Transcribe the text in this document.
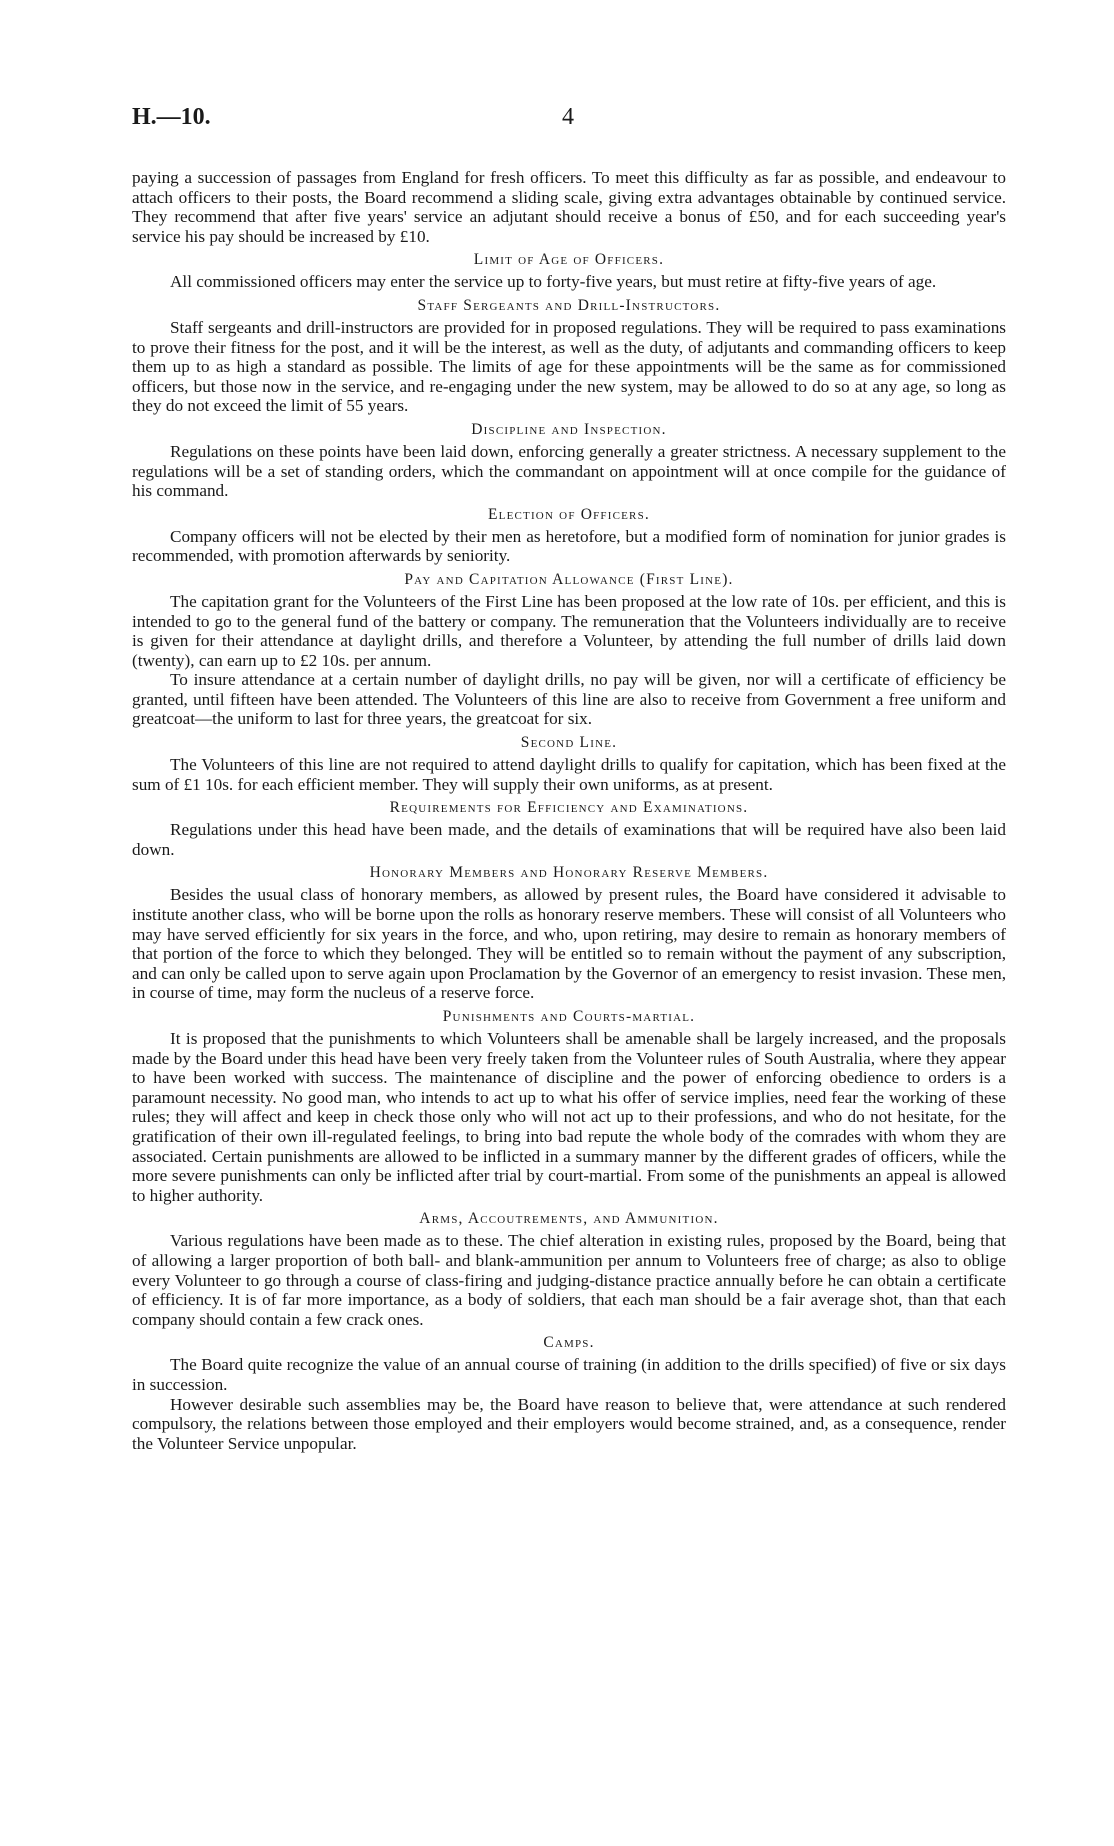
H.—10.	4

paying a succession of passages from England for fresh officers. To meet this difficulty as far as possible, and endeavour to attach officers to their posts, the Board recommend a sliding scale, giving extra advantages obtainable by continued service. They recommend that after five years' service an adjutant should receive a bonus of £50, and for each succeeding year's service his pay should be increased by £10.

Limit of Age of Officers.

All commissioned officers may enter the service up to forty-five years, but must retire at fifty-five years of age.

Staff Sergeants and Drill-Instructors.

Staff sergeants and drill-instructors are provided for in proposed regulations. They will be required to pass examinations to prove their fitness for the post, and it will be the interest, as well as the duty, of adjutants and commanding officers to keep them up to as high a standard as possible. The limits of age for these appointments will be the same as for commissioned officers, but those now in the service, and re-engaging under the new system, may be allowed to do so at any age, so long as they do not exceed the limit of 55 years.

Discipline and Inspection.

Regulations on these points have been laid down, enforcing generally a greater strictness. A necessary supplement to the regulations will be a set of standing orders, which the commandant on appointment will at once compile for the guidance of his command.

Election of Officers.

Company officers will not be elected by their men as heretofore, but a modified form of nomination for junior grades is recommended, with promotion afterwards by seniority.

Pay and Capitation Allowance (First Line).

The capitation grant for the Volunteers of the First Line has been proposed at the low rate of 10s. per efficient, and this is intended to go to the general fund of the battery or company. The remuneration that the Volunteers individually are to receive is given for their attendance at daylight drills, and therefore a Volunteer, by attending the full number of drills laid down (twenty), can earn up to £2 10s. per annum.

To insure attendance at a certain number of daylight drills, no pay will be given, nor will a certificate of efficiency be granted, until fifteen have been attended. The Volunteers of this line are also to receive from Government a free uniform and greatcoat—the uniform to last for three years, the greatcoat for six.

Second Line.

The Volunteers of this line are not required to attend daylight drills to qualify for capitation, which has been fixed at the sum of £1 10s. for each efficient member. They will supply their own uniforms, as at present.

Requirements for Efficiency and Examinations.

Regulations under this head have been made, and the details of examinations that will be required have also been laid down.

Honorary Members and Honorary Reserve Members.

Besides the usual class of honorary members, as allowed by present rules, the Board have considered it advisable to institute another class, who will be borne upon the rolls as honorary reserve members. These will consist of all Volunteers who may have served efficiently for six years in the force, and who, upon retiring, may desire to remain as honorary members of that portion of the force to which they belonged. They will be entitled so to remain without the payment of any subscription, and can only be called upon to serve again upon Proclamation by the Governor of an emergency to resist invasion. These men, in course of time, may form the nucleus of a reserve force.

Punishments and Courts-martial.

It is proposed that the punishments to which Volunteers shall be amenable shall be largely increased, and the proposals made by the Board under this head have been very freely taken from the Volunteer rules of South Australia, where they appear to have been worked with success. The maintenance of discipline and the power of enforcing obedience to orders is a paramount necessity. No good man, who intends to act up to what his offer of service implies, need fear the working of these rules; they will affect and keep in check those only who will not act up to their professions, and who do not hesitate, for the gratification of their own ill-regulated feelings, to bring into bad repute the whole body of the comrades with whom they are associated. Certain punishments are allowed to be inflicted in a summary manner by the different grades of officers, while the more severe punishments can only be inflicted after trial by court-martial. From some of the punishments an appeal is allowed to higher authority.

Arms, Accoutrements, and Ammunition.

Various regulations have been made as to these. The chief alteration in existing rules, proposed by the Board, being that of allowing a larger proportion of both ball- and blank-ammunition per annum to Volunteers free of charge; as also to oblige every Volunteer to go through a course of class-firing and judging-distance practice annually before he can obtain a certificate of efficiency. It is of far more importance, as a body of soldiers, that each man should be a fair average shot, than that each company should contain a few crack ones.

Camps.

The Board quite recognize the value of an annual course of training (in addition to the drills specified) of five or six days in succession.

However desirable such assemblies may be, the Board have reason to believe that, were attendance at such rendered compulsory, the relations between those employed and their employers would become strained, and, as a consequence, render the Volunteer Service unpopular.
